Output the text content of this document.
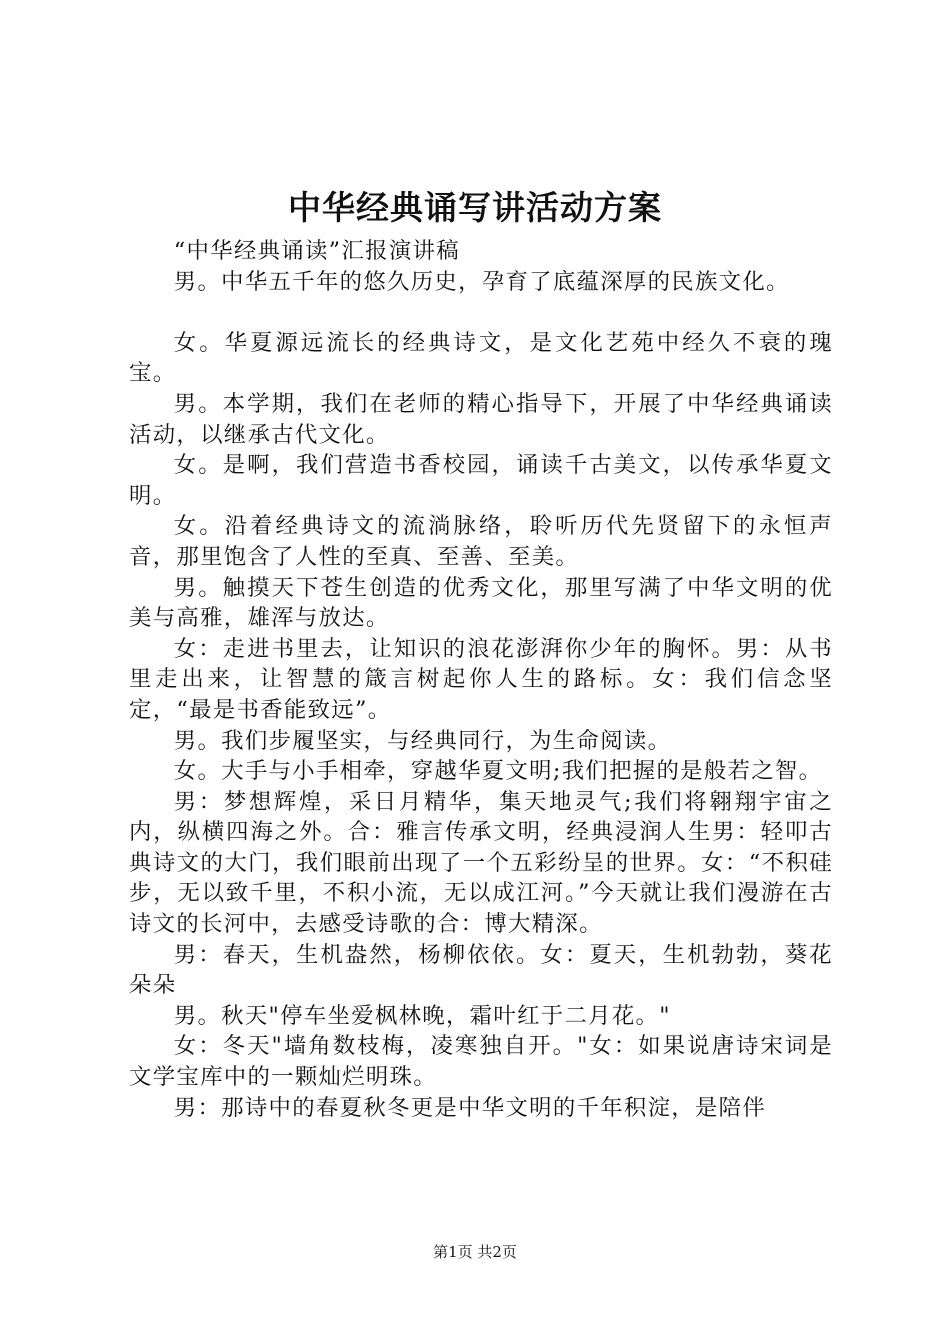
中华经典诵写讲活动方案

“中华经典诵读”汇报演讲稿

男。中华五千年的悠久历史，孕育了底蕴深厚的民族文化。

女。华夏源远流长的经典诗文，是文化艺苑中经久不衰的瑰宝。

男。本学期，我们在老师的精心指导下，开展了中华经典诵读活动，以继承古代文化。

女。是啊，我们营造书香校园，诵读千古美文，以传承华夏文明。

女。沿着经典诗文的流淌脉络，聆听历代先贤留下的永恒声音，那里饱含了人性的至真、至善、至美。

男。触摸天下苍生创造的优秀文化，那里写满了中华文明的优美与高雅，雄浑与放达。

女：走进书里去，让知识的浪花澎湃你少年的胸怀。男：从书里走出来，让智慧的箴言树起你人生的路标。女：我们信念坚定，“最是书香能致远”。

男。我们步履坚实，与经典同行，为生命阅读。

女。大手与小手相牵，穿越华夏文明;我们把握的是般若之智。

男：梦想辉煌，采日月精华，集天地灵气;我们将翱翔宇宙之内，纵横四海之外。合：雅言传承文明，经典浸润人生男：轻叩古典诗文的大门，我们眼前出现了一个五彩纷呈的世界。女：“不积硅步，无以致千里，不积小流，无以成江河。”今天就让我们漫游在古诗文的长河中，去感受诗歌的合：博大精深。

男：春天，生机盎然，杨柳依依。女：夏天，生机勃勃，葵花朵朵

男。秋天"停车坐爱枫林晚，霜叶红于二月花。"

女：冬天"墙角数枝梅，凌寒独自开。"女：如果说唐诗宋词是文学宝库中的一颗灿烂明珠。

男：那诗中的春夏秋冬更是中华文明的千年积淀，是陪伴

第1页 共2页
